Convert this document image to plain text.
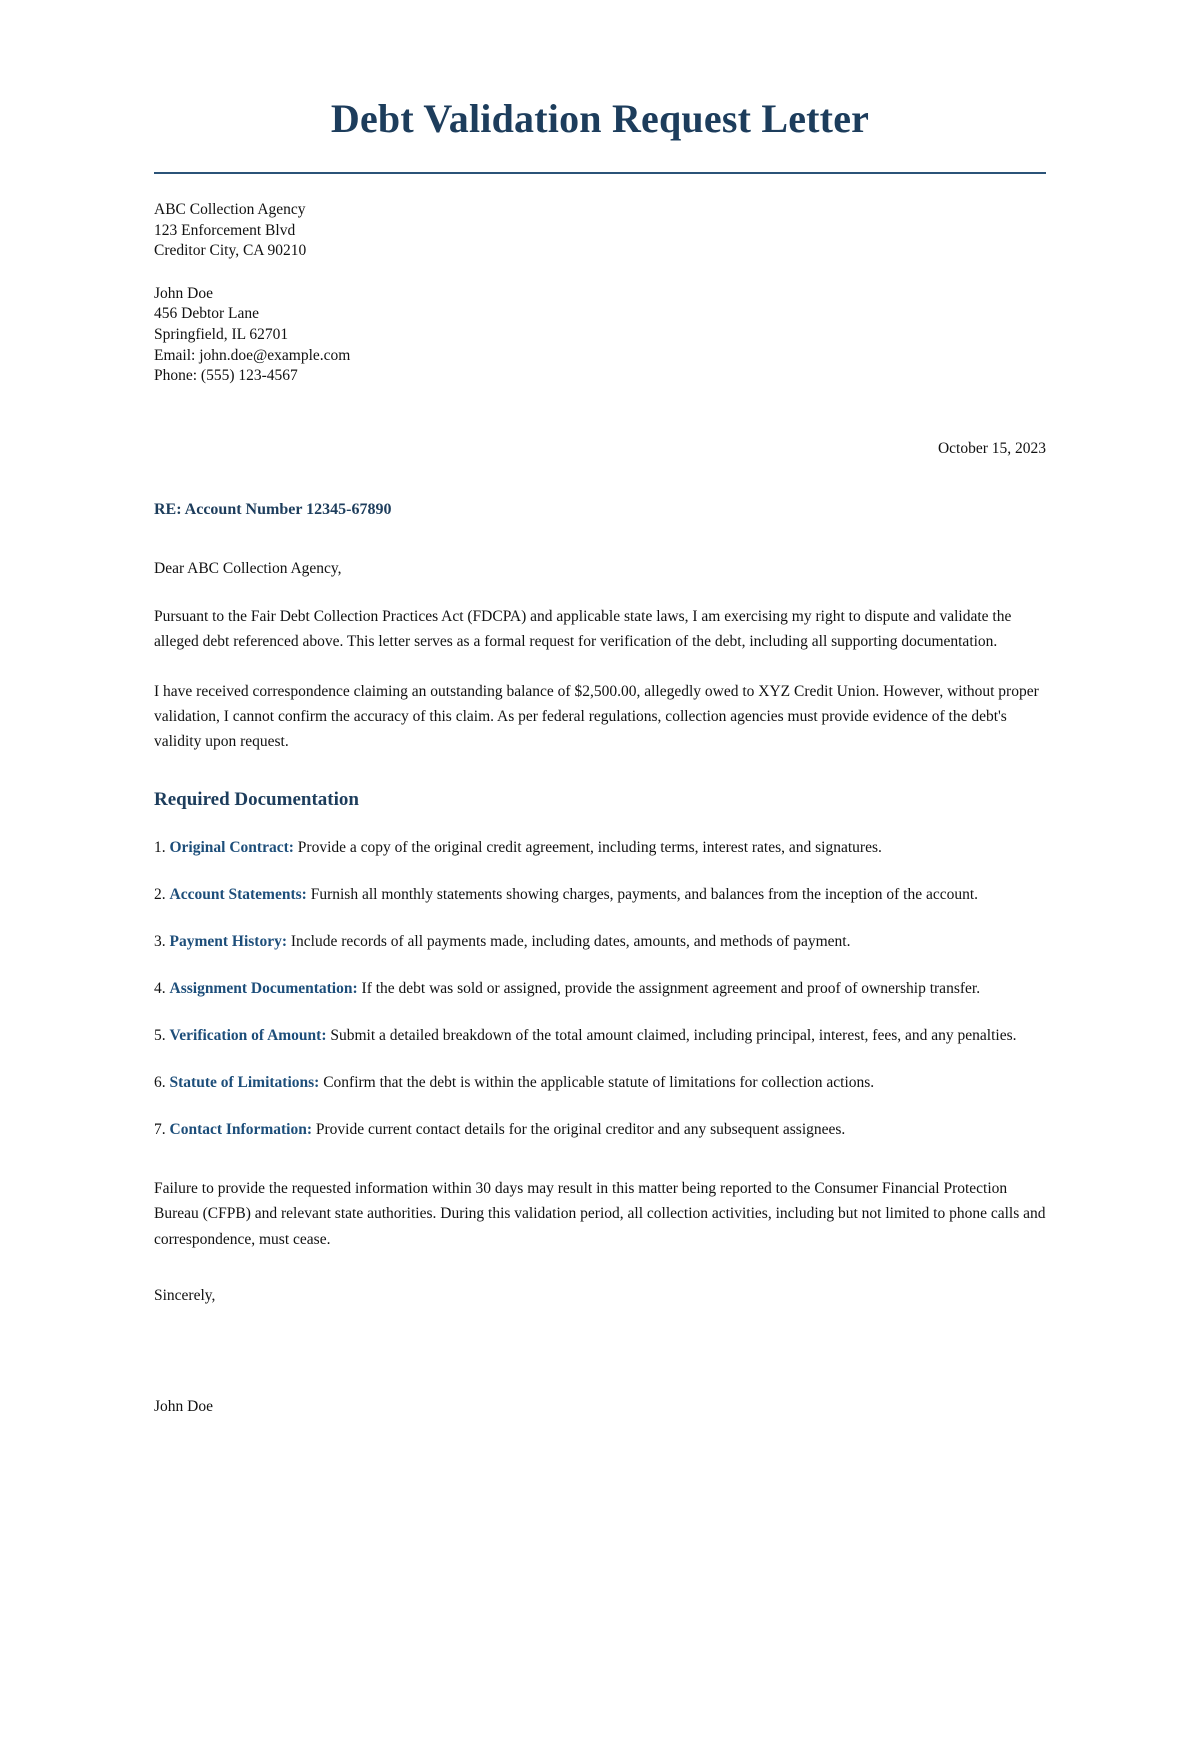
Debt Validation Request Letter
ABC Collection Agency
123 Enforcement Blvd
Creditor City, CA 90210
John Doe
456 Debtor Lane
Springfield, IL 62701
Email: john.doe@example.com
Phone: (555) 123-4567
October 15, 2023
RE: Account Number 12345-67890
Dear ABC Collection Agency,

Pursuant to the Fair Debt Collection Practices Act (FDCPA) and applicable state laws, I am exercising my right to dispute and validate the alleged debt referenced above. This letter serves as a formal request for verification of the debt, including all supporting documentation.

I have received correspondence claiming an outstanding balance of $2,500.00, allegedly owed to XYZ Credit Union. However, without proper validation, I cannot confirm the accuracy of this claim. As per federal regulations, collection agencies must provide evidence of the debt's validity upon request.

Required Documentation
1. Original Contract: Provide a copy of the original credit agreement, including terms, interest rates, and signatures.
2. Account Statements: Furnish all monthly statements showing charges, payments, and balances from the inception of the account.
3. Payment History: Include records of all payments made, including dates, amounts, and methods of payment.
4. Assignment Documentation: If the debt was sold or assigned, provide the assignment agreement and proof of ownership transfer.
5. Verification of Amount: Submit a detailed breakdown of the total amount claimed, including principal, interest, fees, and any penalties.
6. Statute of Limitations: Confirm that the debt is within the applicable statute of limitations for collection actions.
7. Contact Information: Provide current contact details for the original creditor and any subsequent assignees.

Failure to provide the requested information within 30 days may result in this matter being reported to the Consumer Financial Protection Bureau (CFPB) and relevant state authorities. During this validation period, all collection activities, including but not limited to phone calls and correspondence, must cease.

Sincerely,
John Doe
